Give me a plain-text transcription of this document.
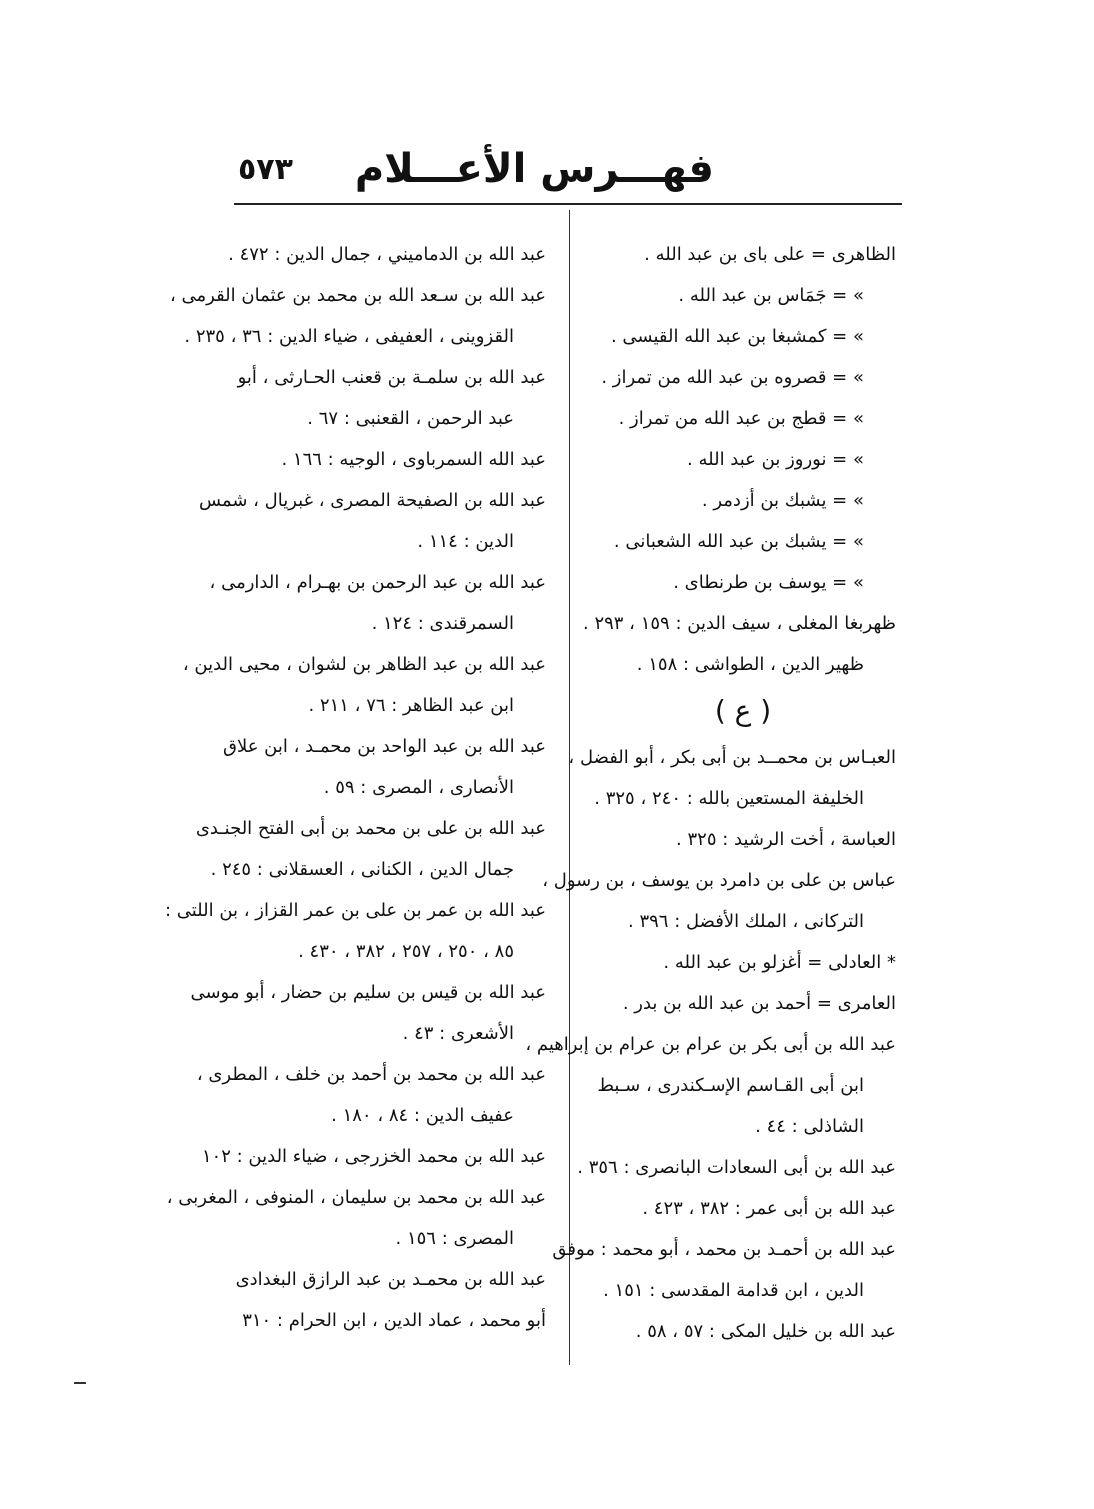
فهـــرس الأعـــلام
٥٧٣
الظاهرى = على باى بن عبد الله .
» = جَمَاس بن عبد الله .
» = كمشبغا بن عبد الله القيسى .
» = قصروه بن عبد الله من تمراز .
» = قطج بن عبد الله من تمراز .
» = نوروز بن عبد الله .
» = يشبك بن أزدمر .
» = يشبك بن عبد الله الشعبانى .
» = يوسف بن طرنطاى .
ظهربغا المغلى ، سيف الدين : ١٥٩ ، ٢٩٣ .
ظهير الدين ، الطواشى : ١٥٨ .
( ع )
العبـاس بن محمــد بن أبى بكر ، أبو الفضل ،
الخليفة المستعين بالله : ٢٤٠ ، ٣٢٥ .
العباسة ، أخت الرشيد : ٣٢٥ .
عباس بن على بن دامرد بن يوسف ، بن رسول ،
التركانى ، الملك الأفضل : ٣٩٦ .
* العادلى = أغزلو بن عبد الله .
العامرى = أحمد بن عبد الله بن بدر .
عبد الله بن أبى بكر بن عرام بن عرام بن إبراهيم ،
ابن أبى القـاسم الإسـكندرى ، سـبط
الشاذلى : ٤٤ .
عبد الله بن أبى السعادات البانصرى : ٣٥٦ .
عبد الله بن أبى عمر : ٣٨٢ ، ٤٢٣ .
عبد الله بن أحمـد بن محمد ، أبو محمد : موفق
الدين ، ابن قدامة المقدسى : ١٥١ .
عبد الله بن خليل المكى : ٥٧ ، ٥٨ .
عبد الله بن الدماميني ، جمال الدين : ٤٧٢ .
عبد الله بن سـعد الله بن محمد بن عثمان القرمى ،
القزوينى ، العفيفى ، ضياء الدين : ٣٦ ، ٢٣٥ .
عبد الله بن سلمـة بن قعنب الحـارثى ، أبو
عبد الرحمن ، القعنبى : ٦٧ .
عبد الله السمرباوى ، الوجيه : ١٦٦ .
عبد الله بن الصفيحة المصرى ، غبريال ، شمس
الدين : ١١٤ .
عبد الله بن عبد الرحمن بن بهـرام ، الدارمى ،
السمرقندى : ١٢٤ .
عبد الله بن عبد الظاهر بن لشوان ، محيى الدين ،
ابن عبد الظاهر : ٧٦ ، ٢١١ .
عبد الله بن عبد الواحد بن محمـد ، ابن علاق
الأنصارى ، المصرى : ٥٩ .
عبد الله بن على بن محمد بن أبى الفتح الجنـدى
جمال الدين ، الكنانى ، العسقلانى : ٢٤٥ .
عبد الله بن عمر بن على بن عمر القزاز ، بن اللتى :
٨٥ ، ٢٥٠ ، ٢٥٧ ، ٣٨٢ ، ٤٣٠ .
عبد الله بن قيس بن سليم بن حضار ، أبو موسى
الأشعرى : ٤٣ .
عبد الله بن محمد بن أحمد بن خلف ، المطرى ،
عفيف الدين : ٨٤ ، ١٨٠ .
عبد الله بن محمد الخزرجى ، ضياء الدين : ١٠٢
عبد الله بن محمد بن سليمان ، المنوفى ، المغربى ،
المصرى : ١٥٦ .
عبد الله بن محمـد بن عبد الرازق البغدادى
أبو محمد ، عماد الدين ، ابن الحرام : ٣١٠
